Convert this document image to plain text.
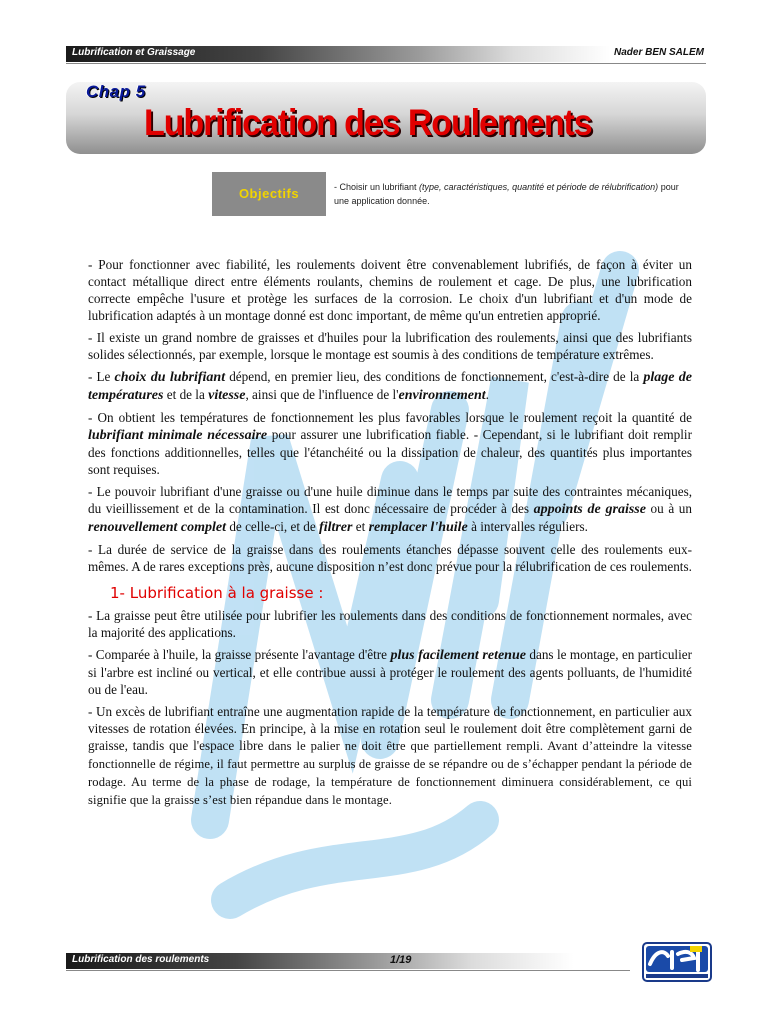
Lubrification et Graissage	Nader BEN SALEM
Chap 5
Lubrification des Roulements
Objectifs	- Choisir un lubrifiant (type, caractéristiques, quantité et période de rélubrification) pour une application donnée.

- Pour fonctionner avec fiabilité, les roulements doivent être convenablement lubrifiés, de façon à éviter un contact métallique direct entre éléments roulants, chemins de roulement et cage. De plus, une lubrification correcte empêche l'usure et protège les surfaces de la corrosion. Le choix d'un lubrifiant et d'un mode de lubrification adaptés à un montage donné est donc important, de même qu'un entretien approprié.

- Il existe un grand nombre de graisses et d'huiles pour la lubrification des roulements, ainsi que des lubrifiants solides sélectionnés, par exemple, lorsque le montage est soumis à des conditions de température extrêmes.

- Le choix du lubrifiant dépend, en premier lieu, des conditions de fonctionnement, c'est-à-dire de la plage de températures et de la vitesse, ainsi que de l'influence de l'environnement.

- On obtient les températures de fonctionnement les plus favorables lorsque le roulement reçoit la quantité de lubrifiant minimale nécessaire pour assurer une lubrification fiable. - Cependant, si le lubrifiant doit remplir des fonctions additionnelles, telles que l'étanchéité ou la dissipation de chaleur, des quantités plus importantes sont requises.

- Le pouvoir lubrifiant d'une graisse ou d'une huile diminue dans le temps par suite des contraintes mécaniques, du vieillissement et de la contamination. Il est donc nécessaire de procéder à des appoints de graisse ou à un renouvellement complet de celle-ci, et de filtrer et remplacer l'huile à intervalles réguliers.

- La durée de service de la graisse dans des roulements étanches dépasse souvent celle des roulements eux-mêmes. A de rares exceptions près, aucune disposition n’est donc prévue pour la rélubrification de ces roulements.

1- Lubrification à la graisse :

- La graisse peut être utilisée pour lubrifier les roulements dans des conditions de fonctionnement normales, avec la majorité des applications.

- Comparée à l'huile, la graisse présente l'avantage d'être plus facilement retenue dans le montage, en particulier si l'arbre est incliné ou vertical, et elle contribue aussi à protéger le roulement des agents polluants, de l'humidité ou de l'eau.

- Un excès de lubrifiant entraîne une augmentation rapide de la température de fonctionnement, en particulier aux vitesses de rotation élevées. En principe, à la mise en rotation seul le roulement doit être complètement garni de graisse, tandis que l'espace libre dans le palier ne doit être que partiellement rempli. Avant d’atteindre la vitesse fonctionnelle de régime, il faut permettre au surplus de graisse de se répandre ou de s’échapper pendant la période de rodage. Au terme de la phase de rodage, la température de fonctionnement diminuera considérablement, ce qui signifie que la graisse s’est bien répandue dans le montage.

Lubrification des roulements	1/19
